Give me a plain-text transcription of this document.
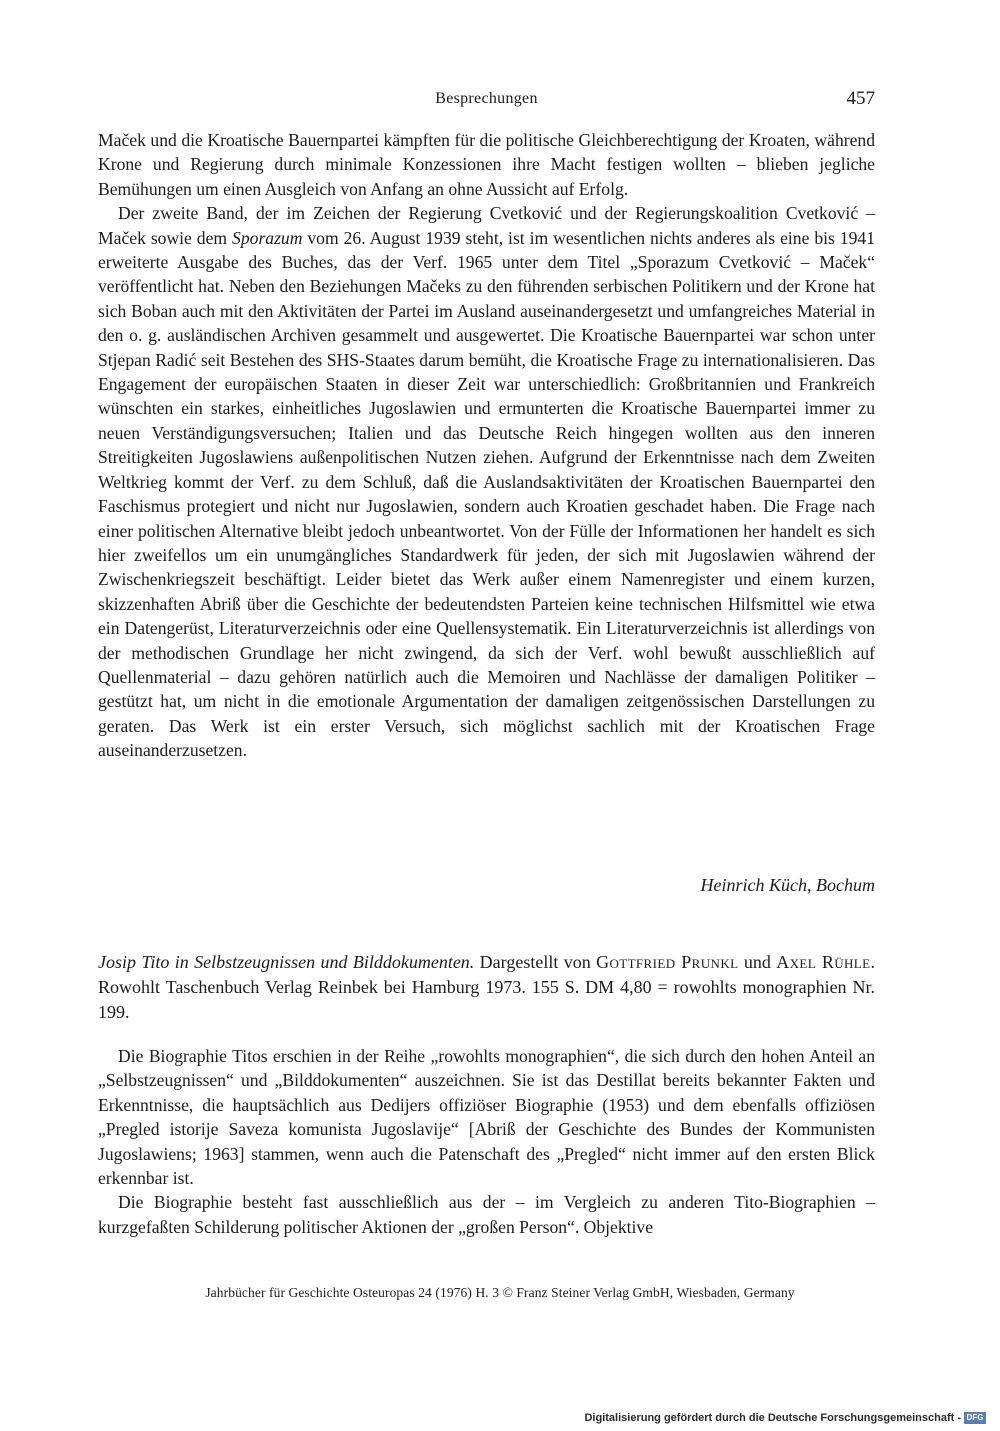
Besprechungen	457

Maček und die Kroatische Bauernpartei kämpften für die politische Gleichberechtigung der Kroaten, während Krone und Regierung durch minimale Konzessionen ihre Macht festigen wollten – blieben jegliche Bemühungen um einen Ausgleich von Anfang an ohne Aussicht auf Erfolg.

Der zweite Band, der im Zeichen der Regierung Cvetković und der Regierungskoalition Cvetković – Maček sowie dem Sporazum vom 26. August 1939 steht, ist im wesentlichen nichts anderes als eine bis 1941 erweiterte Ausgabe des Buches, das der Verf. 1965 unter dem Titel „Sporazum Cvetković – Maček“ veröffentlicht hat. Neben den Beziehungen Mačeks zu den führenden serbischen Politikern und der Krone hat sich Boban auch mit den Aktivitäten der Partei im Ausland auseinandergesetzt und umfangreiches Material in den o. g. ausländischen Archiven gesammelt und ausgewertet. Die Kroatische Bauernpartei war schon unter Stjepan Radić seit Bestehen des SHS-Staates darum bemüht, die Kroatische Frage zu internationalisieren. Das Engagement der europäischen Staaten in dieser Zeit war unterschiedlich: Großbritannien und Frankreich wünschten ein starkes, einheitliches Jugoslawien und ermunterten die Kroatische Bauernpartei immer zu neuen Verständigungsversuchen; Italien und das Deutsche Reich hingegen wollten aus den inneren Streitigkeiten Jugoslawiens außenpolitischen Nutzen ziehen. Aufgrund der Erkenntnisse nach dem Zweiten Weltkrieg kommt der Verf. zu dem Schluß, daß die Auslandsaktivitäten der Kroatischen Bauernpartei den Faschismus protegiert und nicht nur Jugoslawien, sondern auch Kroatien geschadet haben. Die Frage nach einer politischen Alternative bleibt jedoch unbeantwortet. Von der Fülle der Informationen her handelt es sich hier zweifellos um ein unumgängliches Standardwerk für jeden, der sich mit Jugoslawien während der Zwischenkriegszeit beschäftigt. Leider bietet das Werk außer einem Namenregister und einem kurzen, skizzenhaften Abriß über die Geschichte der bedeutendsten Parteien keine technischen Hilfsmittel wie etwa ein Datengerüst, Literaturverzeichnis oder eine Quellensystematik. Ein Literaturverzeichnis ist allerdings von der methodischen Grundlage her nicht zwingend, da sich der Verf. wohl bewußt ausschließlich auf Quellenmaterial – dazu gehören natürlich auch die Memoiren und Nachlässe der damaligen Politiker – gestützt hat, um nicht in die emotionale Argumentation der damaligen zeitgenössischen Darstellungen zu geraten. Das Werk ist ein erster Versuch, sich möglichst sachlich mit der Kroatischen Frage auseinanderzusetzen.

Heinrich Küch, Bochum
Josip Tito in Selbstzeugnissen und Bilddokumenten. Dargestellt von Gottfried Prunkl und Axel Rühle. Rowohlt Taschenbuch Verlag Reinbek bei Hamburg 1973. 155 S. DM 4,80 = rowohlts monographien Nr. 199.

Die Biographie Titos erschien in der Reihe „rowohlts monographien“, die sich durch den hohen Anteil an „Selbstzeugnissen“ und „Bilddokumenten“ auszeichnen. Sie ist das Destillat bereits bekannter Fakten und Erkenntnisse, die hauptsächlich aus Dedijers offiziöser Biographie (1953) und dem ebenfalls offiziösen „Pregled istorije Saveza komunista Jugoslavije“ [Abriß der Geschichte des Bundes der Kommunisten Jugoslawiens; 1963] stammen, wenn auch die Patenschaft des „Pregled“ nicht immer auf den ersten Blick erkennbar ist.

Die Biographie besteht fast ausschließlich aus der – im Vergleich zu anderen Tito-Biographien – kurzgefaßten Schilderung politischer Aktionen der „großen Person“. Objektive

Jahrbücher für Geschichte Osteuropas 24 (1976) H. 3 © Franz Steiner Verlag GmbH, Wiesbaden, Germany
Digitalisierung gefördert durch die Deutsche Forschungsgemeinschaft - DFG
